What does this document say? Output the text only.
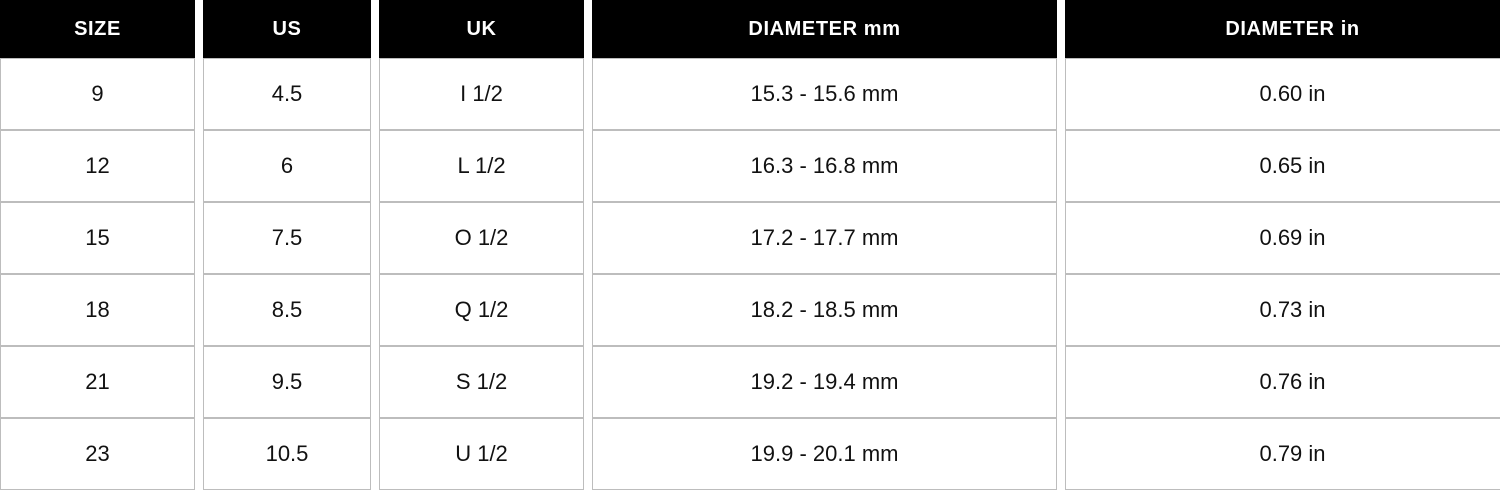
SIZE		US		UK		DIAMETER mm		DIAMETER in
9		4.5		I 1/2		15.3 - 15.6 mm		0.60 in
12		6		L 1/2		16.3 - 16.8 mm		0.65 in
15		7.5		O 1/2		17.2 - 17.7 mm		0.69 in
18		8.5		Q 1/2		18.2 - 18.5 mm		0.73 in
21		9.5		S 1/2		19.2 - 19.4 mm		0.76 in
23		10.5		U 1/2		19.9 - 20.1 mm		0.79 in
